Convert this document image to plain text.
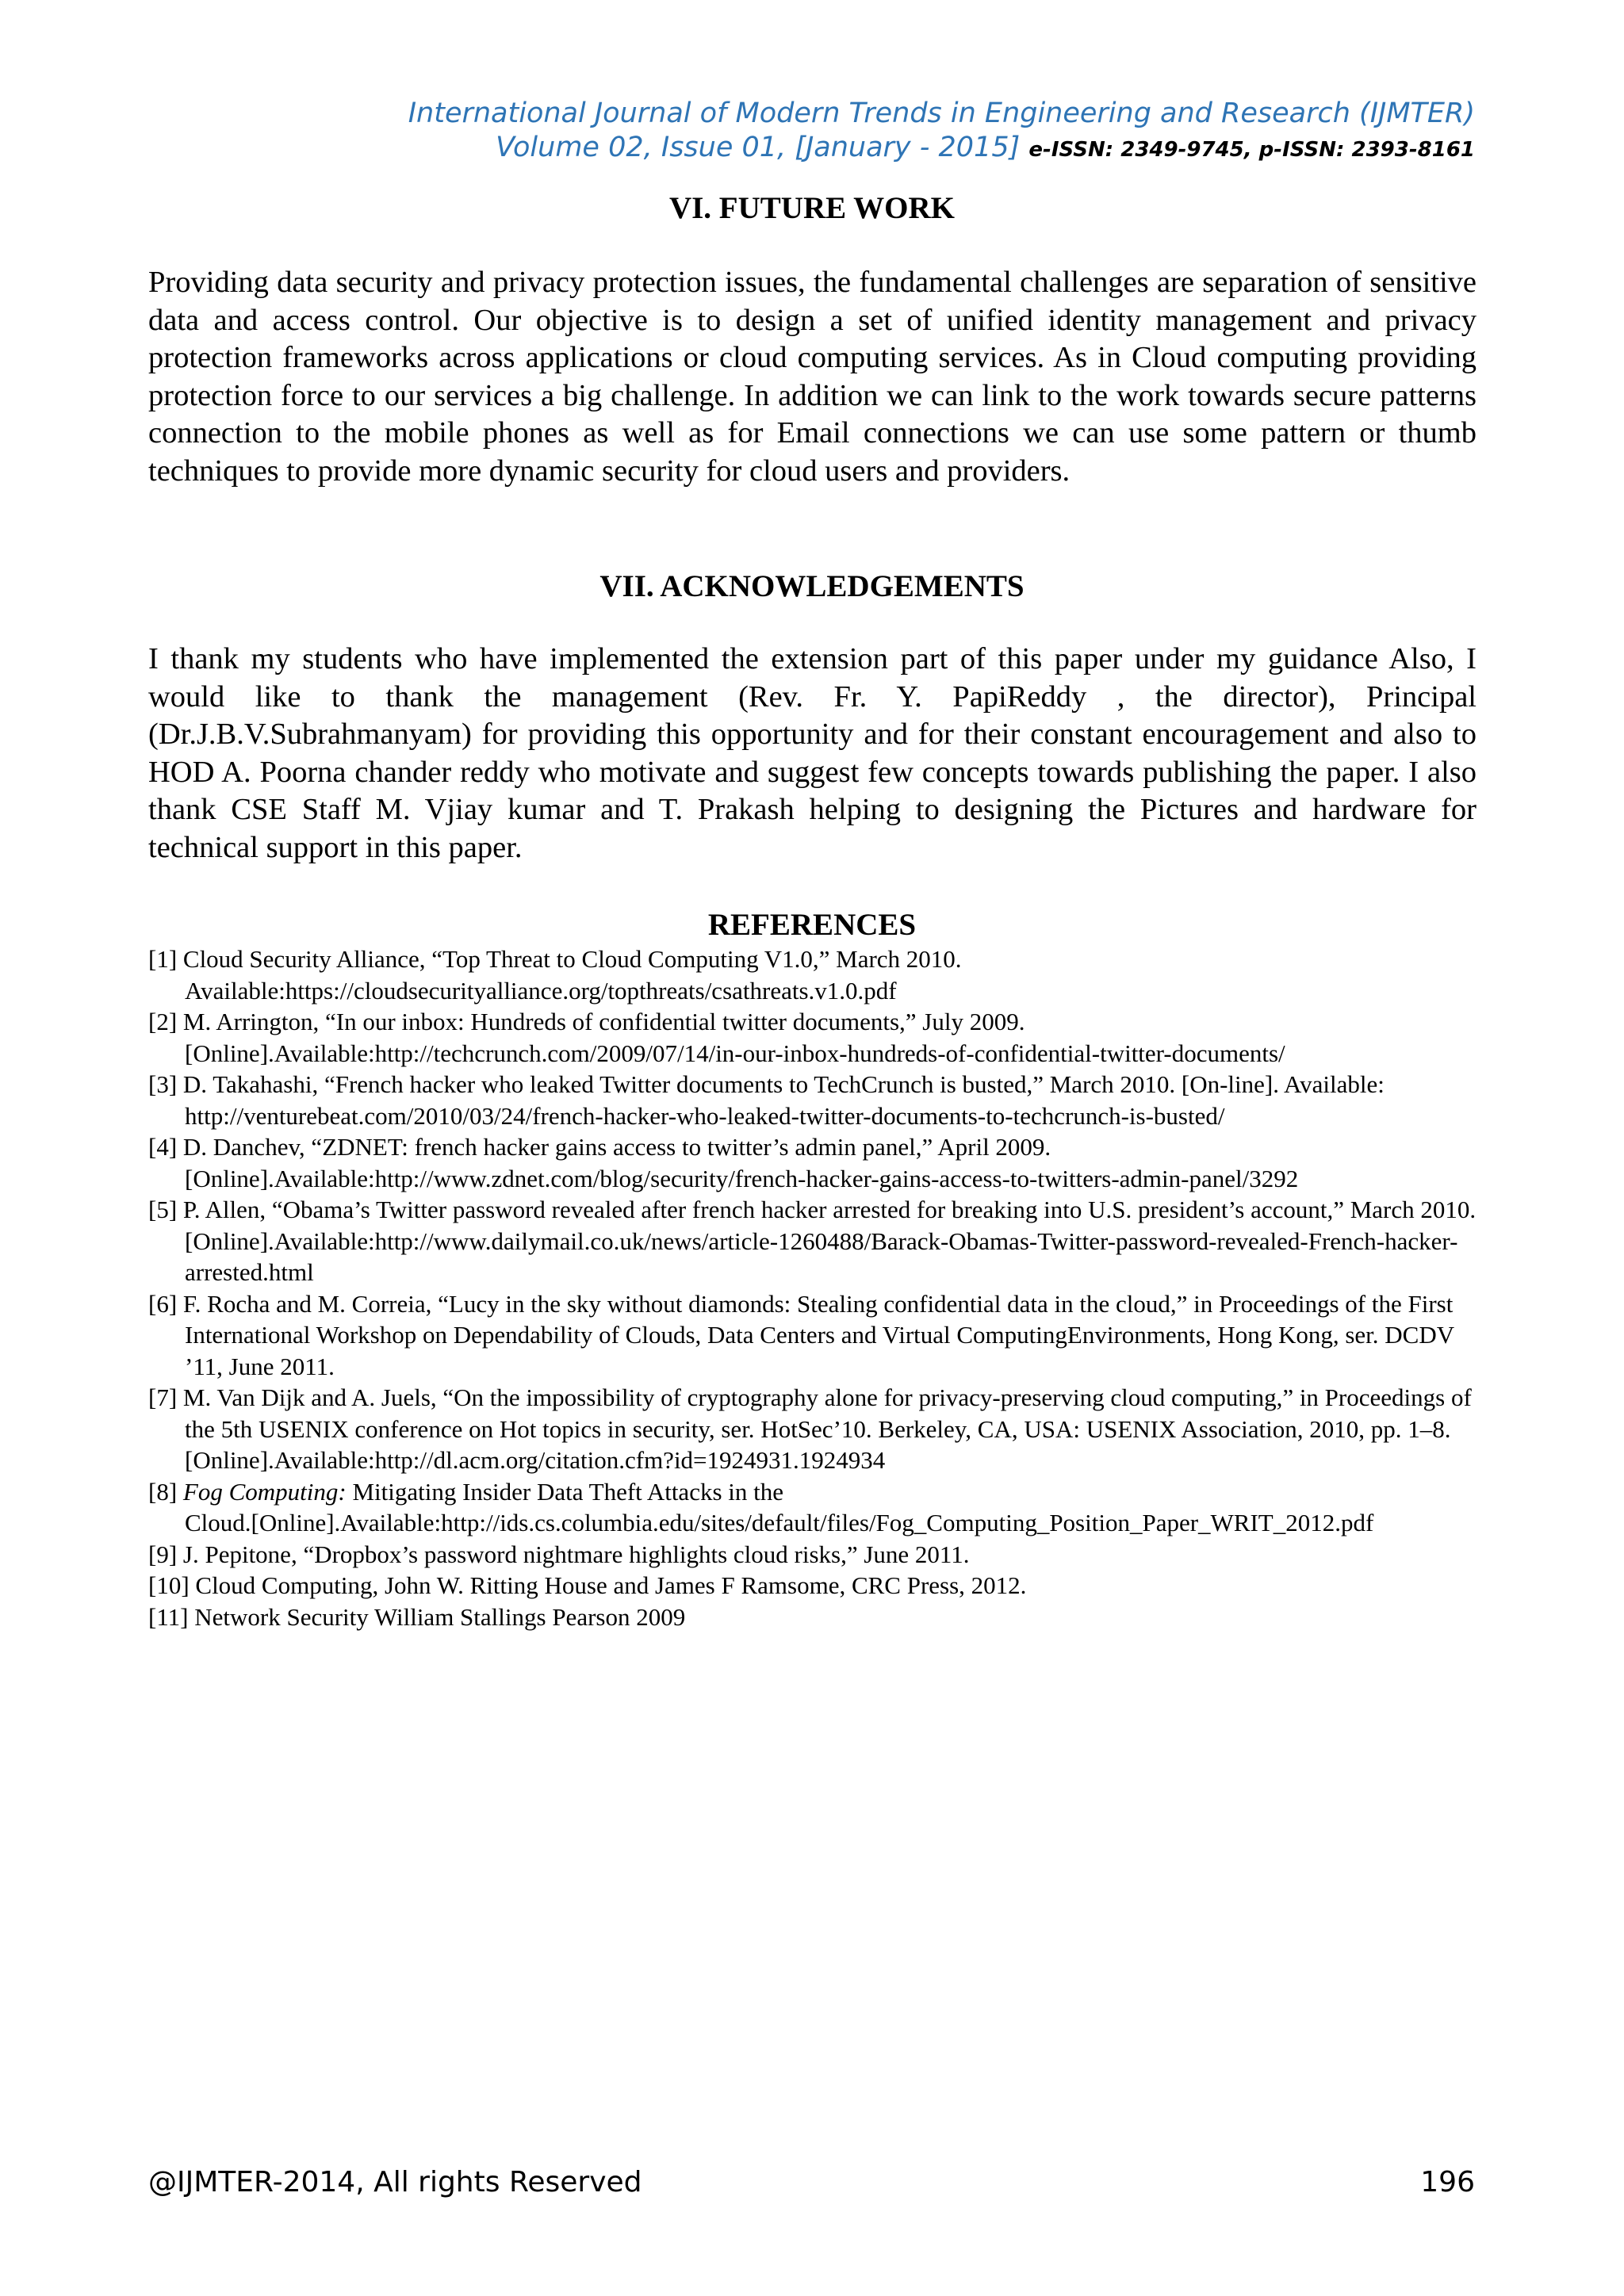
International Journal of Modern Trends in Engineering and Research (IJMTER)
Volume 02, Issue 01, [January - 2015] e-ISSN: 2349-9745, p-ISSN: 2393-8161
VI. FUTURE WORK
Providing data security and privacy protection issues, the fundamental challenges are separation of sensitive data and access control. Our objective is to design a set of unified identity management and privacy protection frameworks across applications or cloud computing services. As in Cloud computing providing protection force to our services a big challenge. In addition we can link to the work towards secure patterns connection to the mobile phones as well as for Email connections we can use some pattern or thumb techniques to provide more dynamic security for cloud users and providers.
VII. ACKNOWLEDGEMENTS
I thank my students who have implemented the extension part of this paper under my guidance Also, I would like to thank the management (Rev. Fr. Y. PapiReddy , the director), Principal (Dr.J.B.V.Subrahmanyam) for providing this opportunity and for their constant encouragement and also to HOD A. Poorna chander reddy who motivate and suggest few concepts towards publishing the paper. I also thank CSE Staff M. Vjiay kumar and T. Prakash helping to designing the Pictures and hardware for technical support in this paper.
REFERENCES

[1] Cloud Security Alliance, “Top Threat to Cloud Computing V1.0,” March 2010.
Available:https://cloudsecurityalliance.org/topthreats/csathreats.v1.0.pdf

[2] M. Arrington, “In our inbox: Hundreds of confidential twitter documents,” July 2009.
[Online].Available:http://techcrunch.com/2009/07/14/in-our-inbox-hundreds-of-confidential-twitter-documents/

[3] D. Takahashi, “French hacker who leaked Twitter documents to TechCrunch is busted,” March 2010. [On-line]. Available: http://venturebeat.com/2010/03/24/french-hacker-who-leaked-twitter-documents-to-techcrunch-is-busted/

[4] D. Danchev, “ZDNET: french hacker gains access to twitter’s admin panel,” April 2009.
[Online].Available:http://www.zdnet.com/blog/security/french-hacker-gains-access-to-twitters-admin-panel/3292

[5] P. Allen, “Obama’s Twitter password revealed after french hacker arrested for breaking into U.S. president’s account,” March 2010.[Online].Available:http://www.dailymail.co.uk/news/article-1260488/Barack-Obamas-Twitter-password-revealed-French-hacker-arrested.html

[6] F. Rocha and M. Correia, “Lucy in the sky without diamonds: Stealing confidential data in the cloud,” in Proceedings of the First International Workshop on Dependability of Clouds, Data Centers and Virtual ComputingEnvironments, Hong Kong, ser. DCDV ’11, June 2011.

[7] M. Van Dijk and A. Juels, “On the impossibility of cryptography alone for privacy-preserving cloud computing,” in Proceedings of the 5th USENIX conference on Hot topics in security, ser. HotSec’10. Berkeley, CA, USA: USENIX Association, 2010, pp. 1–8. [Online].Available:http://dl.acm.org/citation.cfm?id=1924931.1924934

[8] Fog Computing: Mitigating Insider Data Theft Attacks in the
Cloud.[Online].Available:http://ids.cs.columbia.edu/sites/default/files/Fog_Computing_Position_Paper_WRIT_2012.pdf

[9] J. Pepitone, “Dropbox’s password nightmare highlights cloud risks,” June 2011.

[10] Cloud Computing, John W. Ritting House and James F Ramsome, CRC Press, 2012.

[11] Network Security William Stallings Pearson 2009

@IJMTER-2014, All rights Reserved	196
